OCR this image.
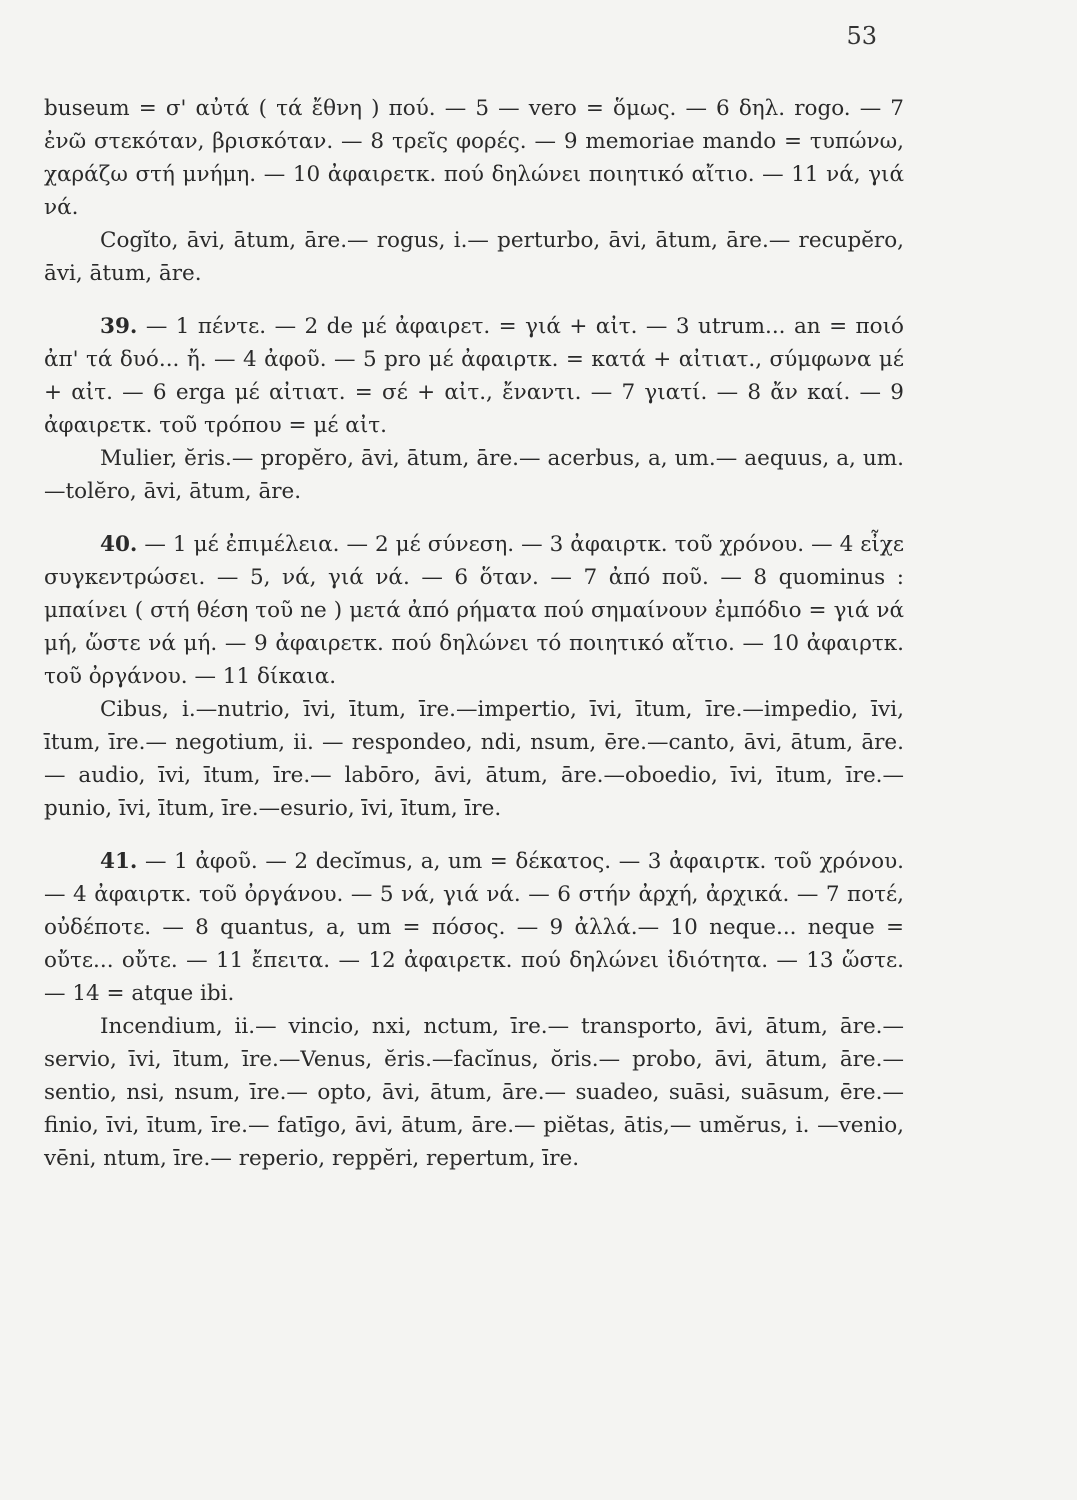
53

buseum = σ' αὐτά ( τά ἔθνη ) πού. — 5 — vero = ὅμως. — 6 δηλ. rogo. — 7 ἐνῶ στεκόταν, βρισκόταν. — 8 τρεῖς φορές. — 9 memoriae mando = τυπώνω, χαράζω στή μνήμη. — 10 ἀφαιρετκ. πού δηλώνει ποιητικό αἴτιο. — 11 νά, γιά νά.

Cogĭto, āvi, ātum, āre.— rogus, i.— perturbo, āvi, ātum, āre.— recupĕro, āvi, ātum, āre.

39. — 1 πέντε. — 2 de μέ ἀφαιρετ. = γιά + αἰτ. — 3 utrum... an = ποιό ἀπ' τά δυό... ἤ. — 4 ἀφοῦ. — 5 pro μέ ἀφαιρτκ. = κατά + αἰτιατ., σύμφωνα μέ + αἰτ. — 6 erga μέ αἰτιατ. = σέ + αἰτ., ἔναντι. — 7 γιατί. — 8 ἄν καί. — 9 ἀφαιρετκ. τοῦ τρόπου = μέ αἰτ.

Mulier, ĕris.— propĕro, āvi, ātum, āre.— acerbus, a, um.— aequus, a, um.—tolĕro, āvi, ātum, āre.

40. — 1 μέ ἐπιμέλεια. — 2 μέ σύνεση. — 3 ἀφαιρτκ. τοῦ χρόνου. — 4 εἶχε συγκεντρώσει. — 5, νά, γιά νά. — 6 ὅταν. — 7 ἀπό ποῦ. — 8 quominus : μπαίνει ( στή θέση τοῦ ne ) μετά ἀπό ρήματα πού σημαίνουν ἐμπόδιο = γιά νά μή, ὥστε νά μή. — 9 ἀφαιρετκ. πού δηλώνει τό ποιητικό αἴτιο. — 10 ἀφαιρτκ. τοῦ ὀργάνου. — 11 δίκαια.

Cibus, i.—nutrio, īvi, ītum, īre.—impertio, īvi, ītum, īre.—impedio, īvi, ītum, īre.— negotium, ii. — respondeo, ndi, nsum, ēre.—canto, āvi, ātum, āre.— audio, īvi, ītum, īre.— labōro, āvi, ātum, āre.—oboedio, īvi, ītum, īre.—punio, īvi, ītum, īre.—esurio, īvi, ītum, īre.

41. — 1 ἀφοῦ. — 2 decĭmus, a, um = δέκατος. — 3 ἀφαιρτκ. τοῦ χρόνου. — 4 ἀφαιρτκ. τοῦ ὀργάνου. — 5 νά, γιά νά. — 6 στήν ἀρχή, ἀρχικά. — 7 ποτέ, οὐδέποτε. — 8 quantus, a, um = πόσος. — 9 ἀλλά.— 10 neque... neque = οὔτε... οὔτε. — 11 ἔπειτα. — 12 ἀφαιρετκ. πού δηλώνει ἰδιότητα. — 13 ὥστε. — 14 = atque ibi.

Incendium, ii.— vincio, nxi, nctum, īre.— transporto, āvi, ātum, āre.— servio, īvi, ītum, īre.—Venus, ĕris.—facĭnus, ŏris.— probo, āvi, ātum, āre.—sentio, nsi, nsum, īre.— opto, āvi, ātum, āre.— suadeo, suāsi, suāsum, ēre.— finio, īvi, ītum, īre.— fatīgo, āvi, ātum, āre.— piĕtas, ātis,— umĕrus, i. —venio, vēni, ntum, īre.— reperio, reppĕri, repertum, īre.
